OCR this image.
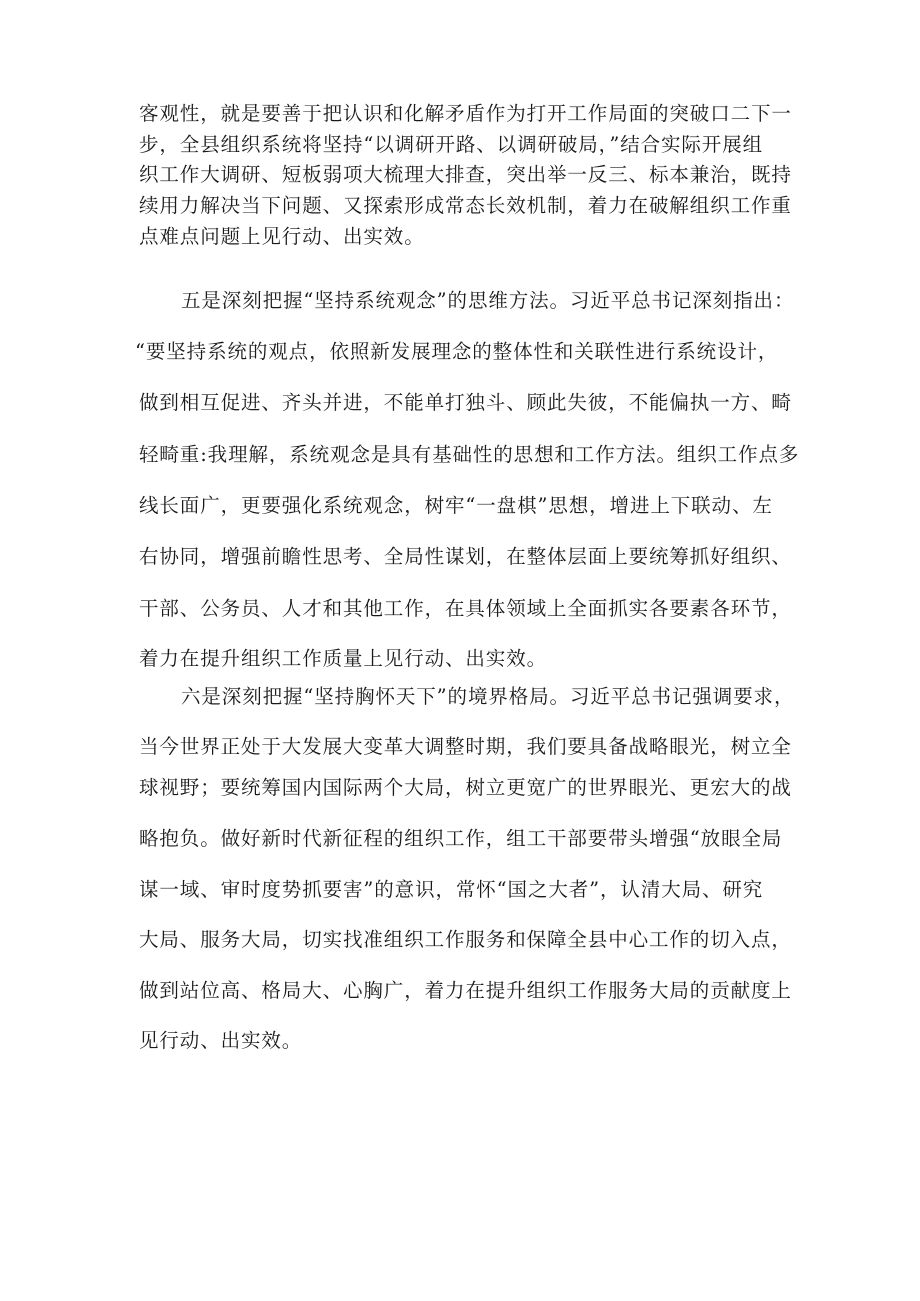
客观性，就是要善于把认识和化解矛盾作为打开工作局面的突破口二下一
步，全县组织系统将坚持“以调研开路、以调研破局，”结合实际开展组
织工作大调研、短板弱项大梳理大排查，突出举一反三、标本兼治，既持
续用力解决当下问题、又探索形成常态长效机制，着力在破解组织工作重
点难点问题上见行动、出实效。
五是深刻把握“坚持系统观念”的思维方法。习近平总书记深刻指出：
“要坚持系统的观点，依照新发展理念的整体性和关联性进行系统设计，
做到相互促进、齐头并进，不能单打独斗、顾此失彼，不能偏执一方、畸
轻畸重:我理解，系统观念是具有基础性的思想和工作方法。组织工作点多
线长面广，更要强化系统观念，树牢“一盘棋”思想，增进上下联动、左
右协同，增强前瞻性思考、全局性谋划，在整体层面上要统筹抓好组织、
干部、公务员、人才和其他工作，在具体领域上全面抓实各要素各环节，
着力在提升组织工作质量上见行动、出实效。
六是深刻把握“坚持胸怀天下”的境界格局。习近平总书记强调要求，
当今世界正处于大发展大变革大调整时期，我们要具备战略眼光，树立全
球视野；要统筹国内国际两个大局，树立更宽广的世界眼光、更宏大的战
略抱负。做好新时代新征程的组织工作，组工干部要带头增强“放眼全局
谋一域、审时度势抓要害”的意识，常怀“国之大者”，认清大局、研究
大局、服务大局，切实找准组织工作服务和保障全县中心工作的切入点，
做到站位高、格局大、心胸广，着力在提升组织工作服务大局的贡献度上
见行动、出实效。
